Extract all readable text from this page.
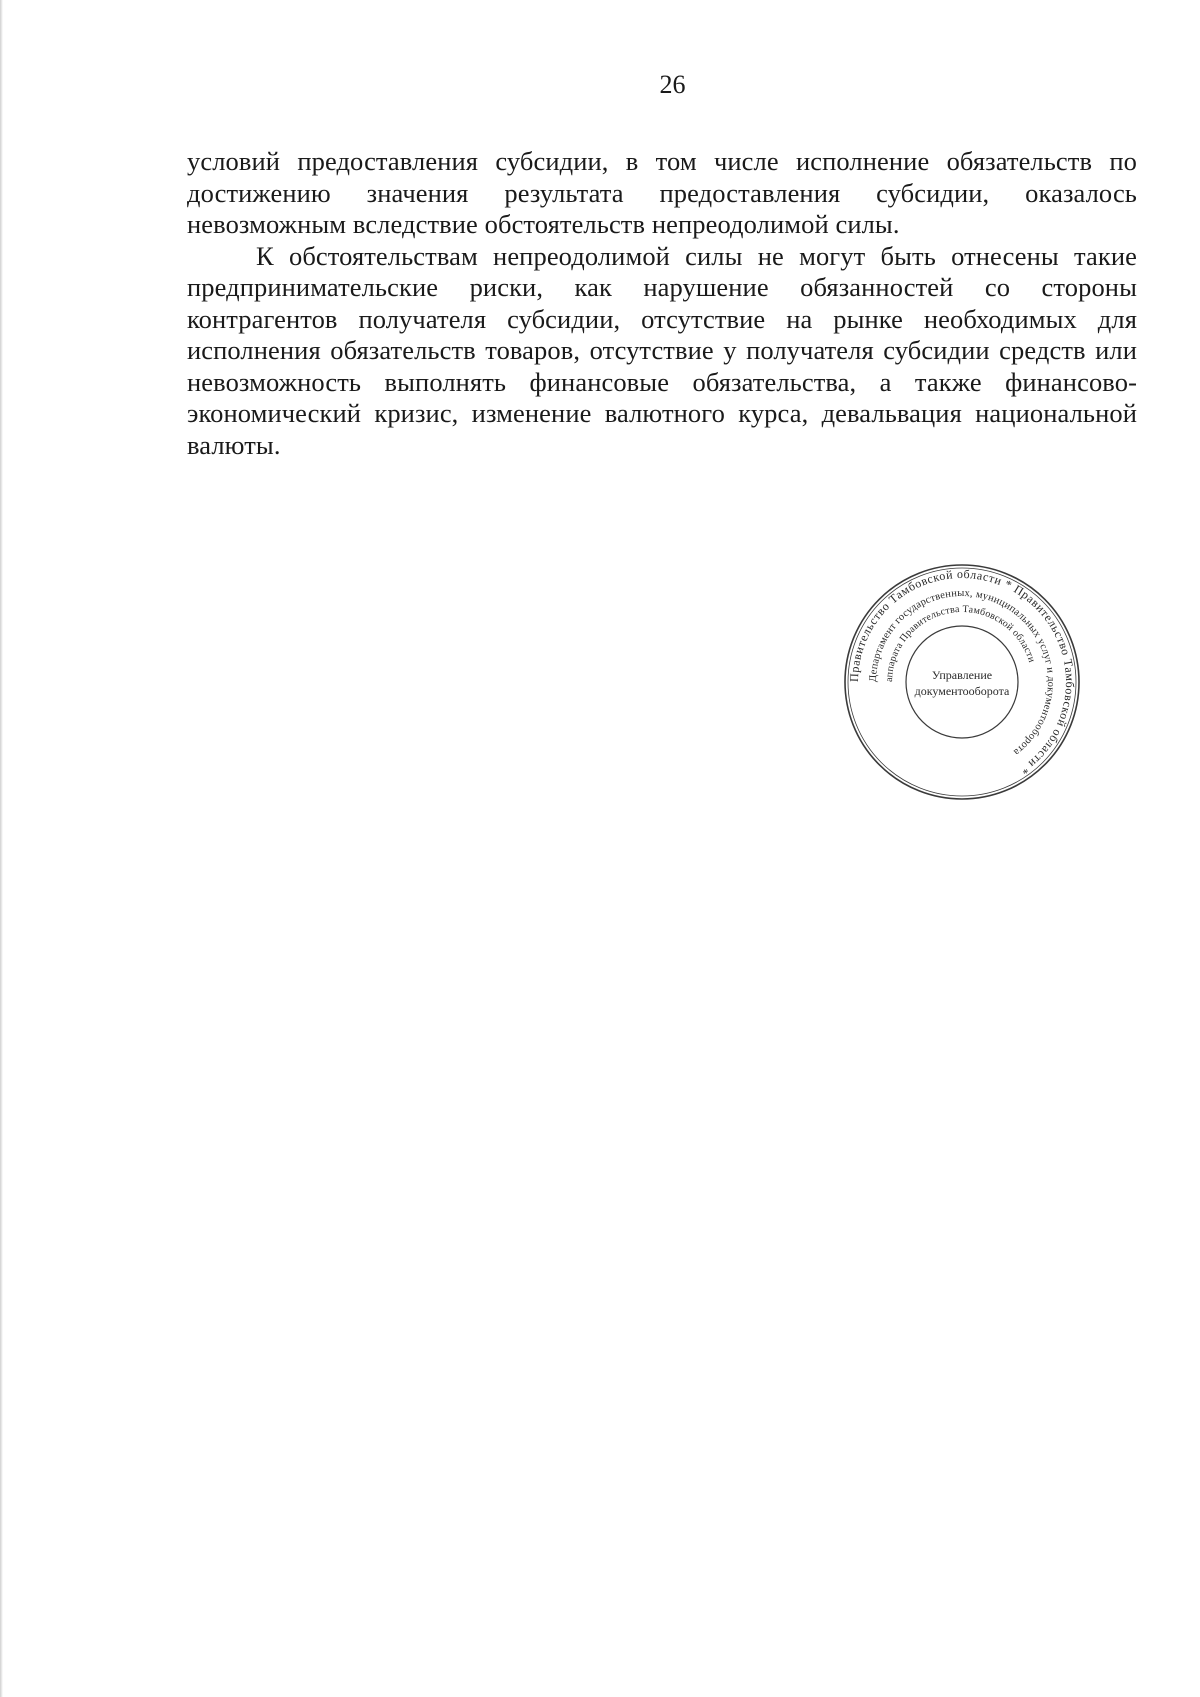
26

условий предоставления субсидии, в том числе исполнение обязательств по достижению значения результата предоставления субсидии, оказалось невозможным вследствие обстоятельств непреодолимой силы.

К обстоятельствам непреодолимой силы не могут быть отнесены такие предпринимательские риски, как нарушение обязанностей со стороны контрагентов получателя субсидии, отсутствие на рынке необходимых для исполнения обязательств товаров, отсутствие у получателя субсидии средств или невозможность выполнять финансовые обязательства, а также финансово-экономический кризис, изменение валютного курса, девальвация национальной валюты.

Правительство Тамбовской области * Правительство Тамбовской области *
Департамент государственных, муниципальных услуг и документооборота
аппарата Правительства Тамбовской области
Управление
документооборота
